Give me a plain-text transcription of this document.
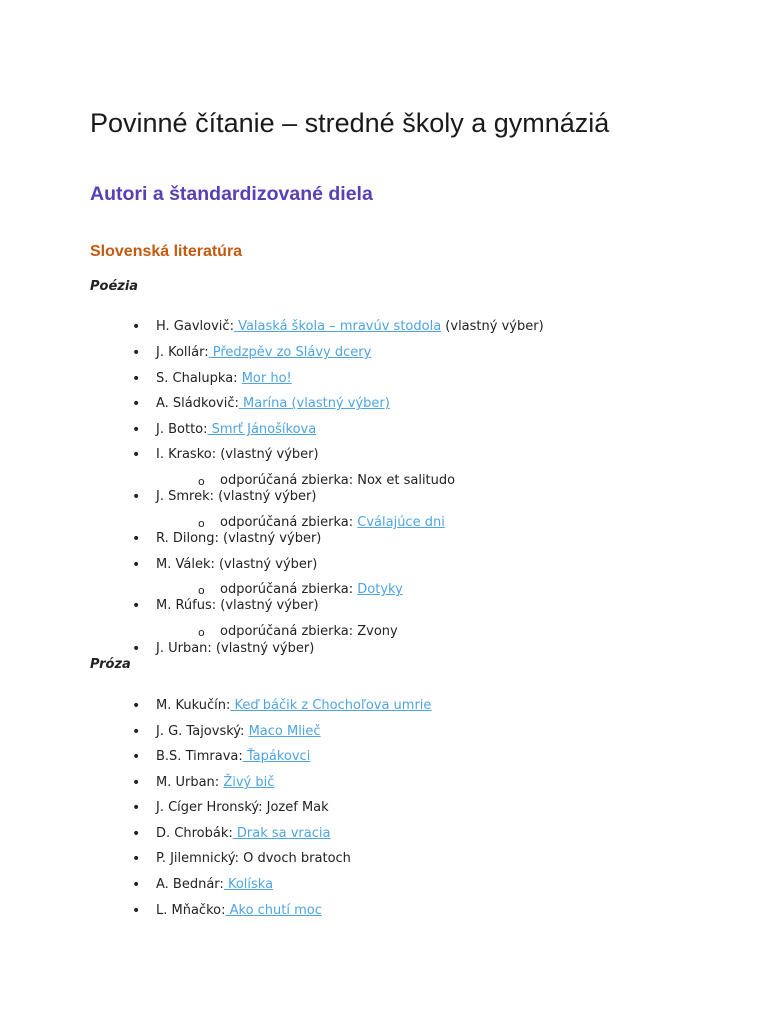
Povinné čítanie – stredné školy a gymnáziá
Autori a štandardizované diela
Slovenská literatúra
Poézia
• H. Gavlovič: Valaská škola – mravúv stodola (vlastný výber)
• J. Kollár: Předzpěv zo Slávy dcery
• S. Chalupka: Mor ho!
• A. Sládkovič: Marína (vlastný výber)
• J. Botto: Smrť Jánošíkova
• I. Krasko: (vlastný výber)
o odporúčaná zbierka: Nox et salitudo
• J. Smrek: (vlastný výber)
o odporúčaná zbierka: Cválajúce dni
• R. Dilong: (vlastný výber)
• M. Válek: (vlastný výber)
o odporúčaná zbierka: Dotyky
• M. Rúfus: (vlastný výber)
o odporúčaná zbierka: Zvony
• J. Urban: (vlastný výber)
Próza
• M. Kukučín: Keď báčik z Chochoľova umrie
• J. G. Tajovský: Maco Mlieč
• B.S. Timrava: Ťapákovci
• M. Urban: Živý bič
• J. Cíger Hronský: Jozef Mak
• D. Chrobák: Drak sa vracia
• P. Jilemnický: O dvoch bratoch
• A. Bednár: Kolíska
• L. Mňačko: Ako chutí moc
